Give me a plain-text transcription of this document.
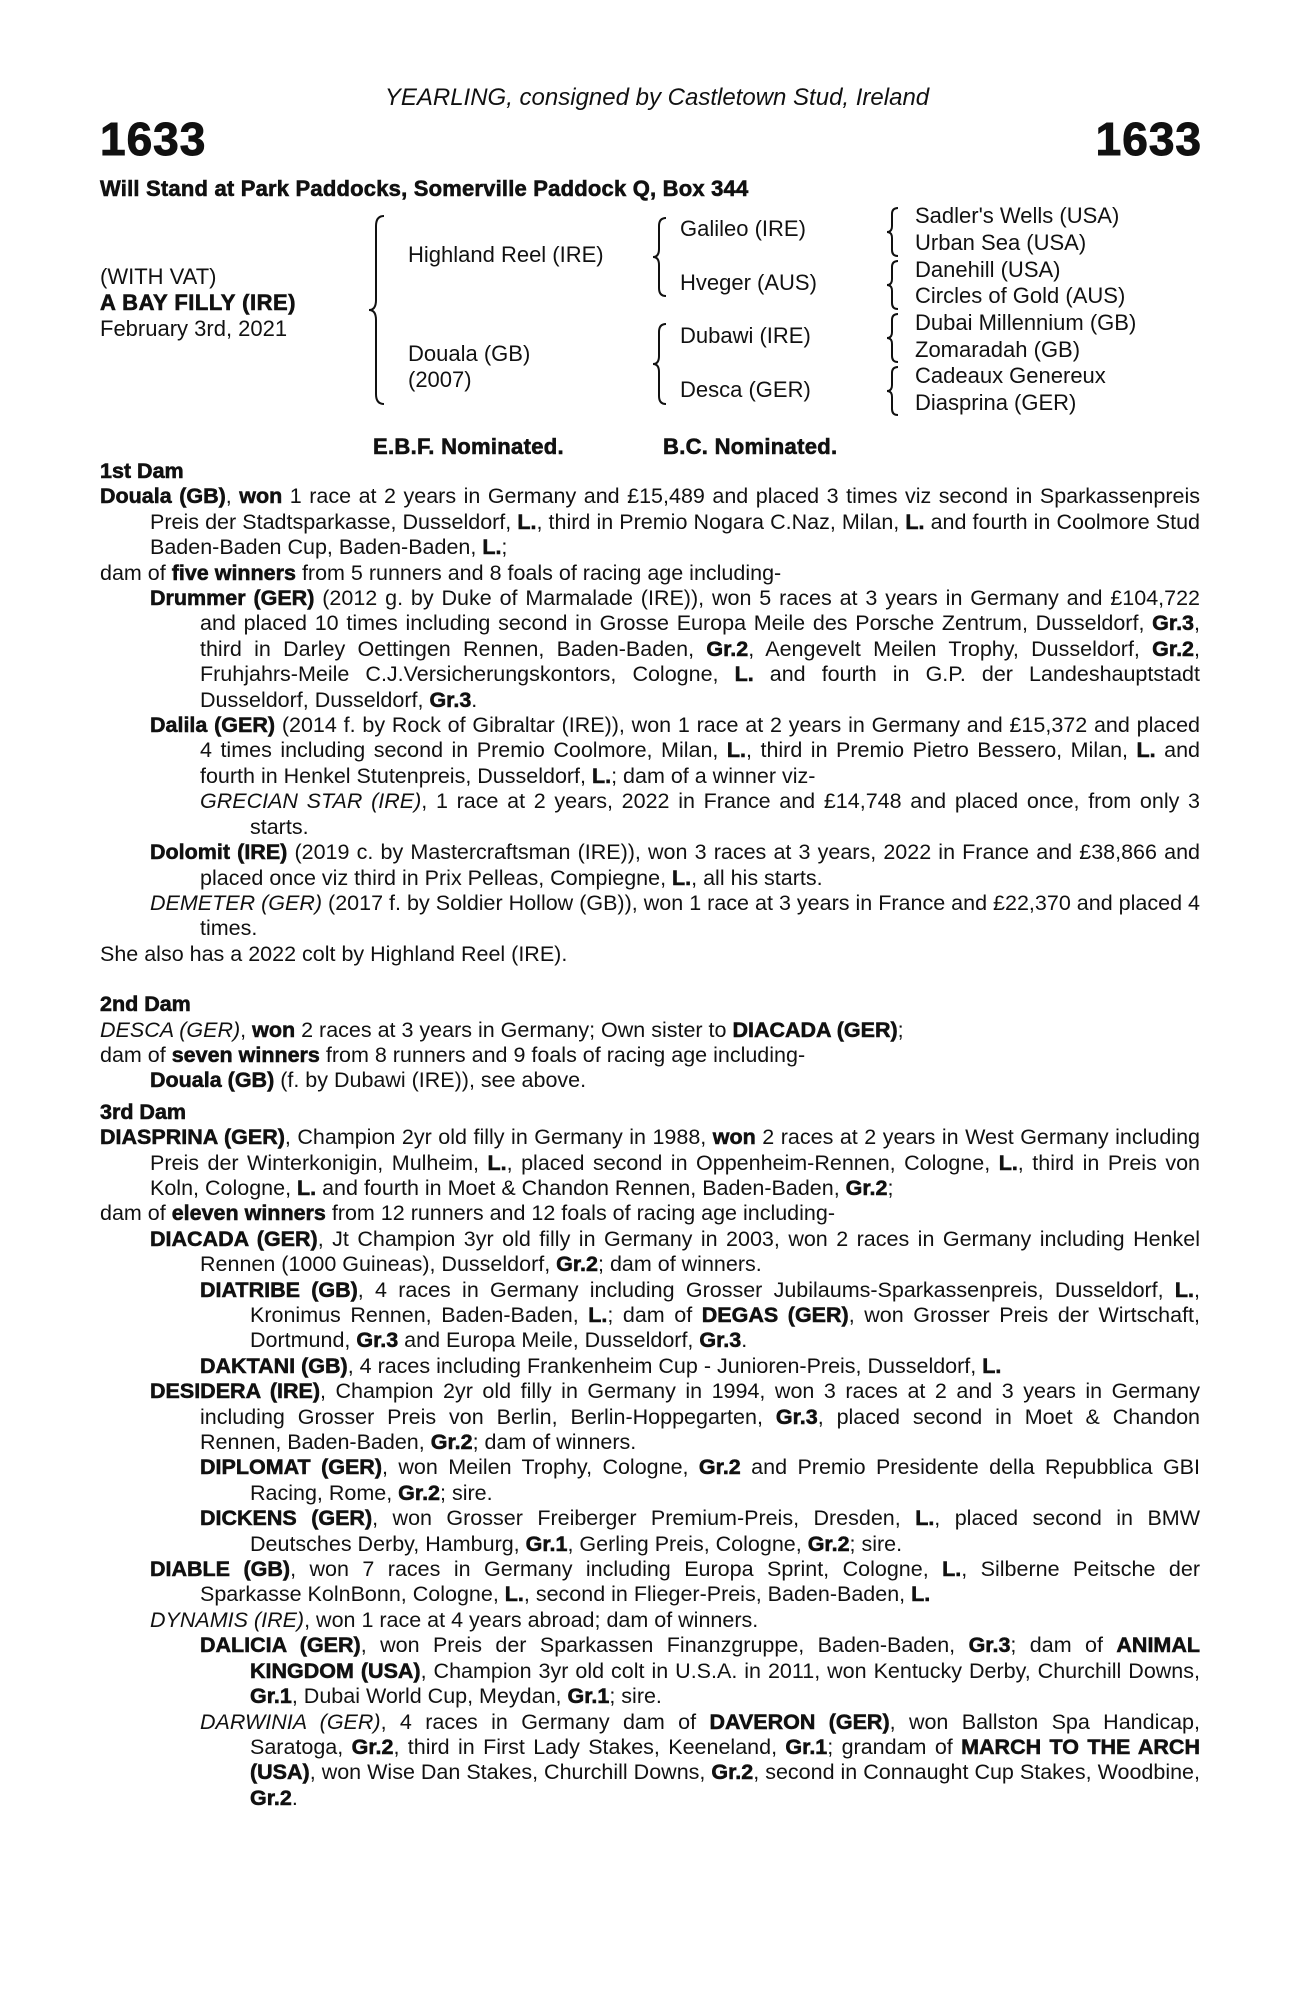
YEARLING, consigned by Castletown Stud, Ireland
1633	1633
Will Stand at Park Paddocks, Somerville Paddock Q, Box 344
(WITH VAT)
A BAY FILLY (IRE)
February 3rd, 2021
Highland Reel (IRE)
Douala (GB)
(2007)
Galileo (IRE)
Hveger (AUS)
Dubawi (IRE)
Desca (GER)
Sadler's Wells (USA)
Urban Sea (USA)
Danehill (USA)
Circles of Gold (AUS)
Dubai Millennium (GB)
Zomaradah (GB)
Cadeaux Genereux
Diasprina (GER)
E.B.F. Nominated.	B.C. Nominated.
1st Dam
Douala (GB), won 1 race at 2 years in Germany and £15,489 and placed 3 times viz second in Sparkassenpreis Preis der Stadtsparkasse, Dusseldorf, L., third in Premio Nogara C.Naz, Milan, L. and fourth in Coolmore Stud Baden-Baden Cup, Baden-Baden, L.;
dam of five winners from 5 runners and 8 foals of racing age including-
Drummer (GER) (2012 g. by Duke of Marmalade (IRE)), won 5 races at 3 years in Germany and £104,722 and placed 10 times including second in Grosse Europa Meile des Porsche Zentrum, Dusseldorf, Gr.3, third in Darley Oettingen Rennen, Baden-Baden, Gr.2, Aengevelt Meilen Trophy, Dusseldorf, Gr.2, Fruhjahrs-Meile C.J.Versicherungskontors, Cologne, L. and fourth in G.P. der Landeshauptstadt Dusseldorf, Dusseldorf, Gr.3.
Dalila (GER) (2014 f. by Rock of Gibraltar (IRE)), won 1 race at 2 years in Germany and £15,372 and placed 4 times including second in Premio Coolmore, Milan, L., third in Premio Pietro Bessero, Milan, L. and fourth in Henkel Stutenpreis, Dusseldorf, L.; dam of a winner viz-
GRECIAN STAR (IRE), 1 race at 2 years, 2022 in France and £14,748 and placed once, from only 3 starts.
Dolomit (IRE) (2019 c. by Mastercraftsman (IRE)), won 3 races at 3 years, 2022 in France and £38,866 and placed once viz third in Prix Pelleas, Compiegne, L., all his starts.
DEMETER (GER) (2017 f. by Soldier Hollow (GB)), won 1 race at 3 years in France and £22,370 and placed 4 times.
She also has a 2022 colt by Highland Reel (IRE).
2nd Dam
DESCA (GER), won 2 races at 3 years in Germany; Own sister to DIACADA (GER);
dam of seven winners from 8 runners and 9 foals of racing age including-
Douala (GB) (f. by Dubawi (IRE)), see above.
3rd Dam
DIASPRINA (GER), Champion 2yr old filly in Germany in 1988, won 2 races at 2 years in West Germany including Preis der Winterkonigin, Mulheim, L., placed second in Oppenheim-Rennen, Cologne, L., third in Preis von Koln, Cologne, L. and fourth in Moet & Chandon Rennen, Baden-Baden, Gr.2;
dam of eleven winners from 12 runners and 12 foals of racing age including-
DIACADA (GER), Jt Champion 3yr old filly in Germany in 2003, won 2 races in Germany including Henkel Rennen (1000 Guineas), Dusseldorf, Gr.2; dam of winners.
DIATRIBE (GB), 4 races in Germany including Grosser Jubilaums-Sparkassenpreis, Dusseldorf, L., Kronimus Rennen, Baden-Baden, L.; dam of DEGAS (GER), won Grosser Preis der Wirtschaft, Dortmund, Gr.3 and Europa Meile, Dusseldorf, Gr.3.
DAKTANI (GB), 4 races including Frankenheim Cup - Junioren-Preis, Dusseldorf, L.
DESIDERA (IRE), Champion 2yr old filly in Germany in 1994, won 3 races at 2 and 3 years in Germany including Grosser Preis von Berlin, Berlin-Hoppegarten, Gr.3, placed second in Moet & Chandon Rennen, Baden-Baden, Gr.2; dam of winners.
DIPLOMAT (GER), won Meilen Trophy, Cologne, Gr.2 and Premio Presidente della Repubblica GBI Racing, Rome, Gr.2; sire.
DICKENS (GER), won Grosser Freiberger Premium-Preis, Dresden, L., placed second in BMW Deutsches Derby, Hamburg, Gr.1, Gerling Preis, Cologne, Gr.2; sire.
DIABLE (GB), won 7 races in Germany including Europa Sprint, Cologne, L., Silberne Peitsche der Sparkasse KolnBonn, Cologne, L., second in Flieger-Preis, Baden-Baden, L.
DYNAMIS (IRE), won 1 race at 4 years abroad; dam of winners.
DALICIA (GER), won Preis der Sparkassen Finanzgruppe, Baden-Baden, Gr.3; dam of ANIMAL KINGDOM (USA), Champion 3yr old colt in U.S.A. in 2011, won Kentucky Derby, Churchill Downs, Gr.1, Dubai World Cup, Meydan, Gr.1; sire.
DARWINIA (GER), 4 races in Germany dam of DAVERON (GER), won Ballston Spa Handicap, Saratoga, Gr.2, third in First Lady Stakes, Keeneland, Gr.1; grandam of MARCH TO THE ARCH (USA), won Wise Dan Stakes, Churchill Downs, Gr.2, second in Connaught Cup Stakes, Woodbine, Gr.2.
